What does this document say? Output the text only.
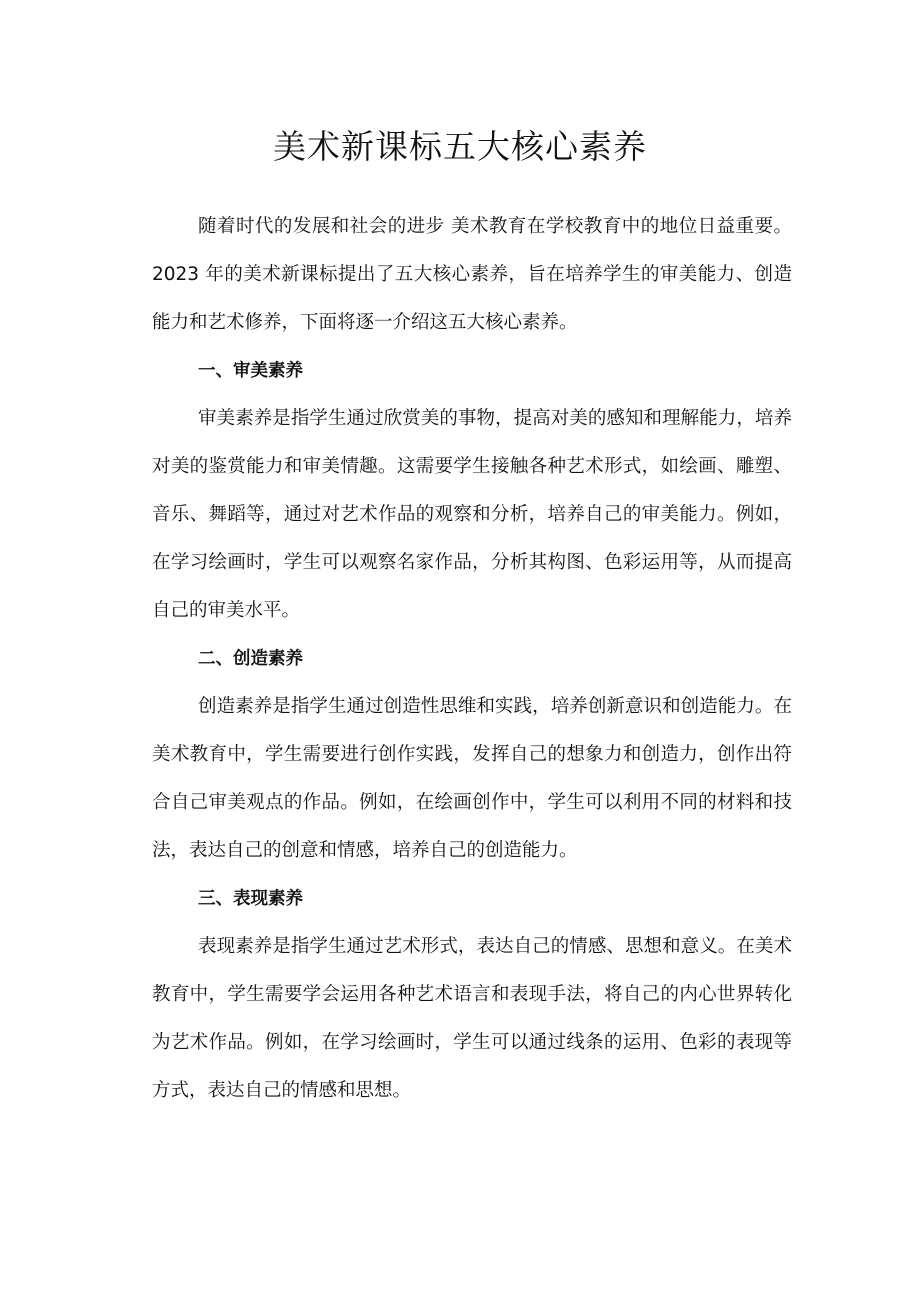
美术新课标五大核心素养

随着时代的发展和社会的进步 美术教育在学校教育中的地位日益重要。2023 年的美术新课标提出了五大核心素养，旨在培养学生的审美能力、创造能力和艺术修养，下面将逐一介绍这五大核心素养。

一、审美素养

审美素养是指学生通过欣赏美的事物，提高对美的感知和理解能力，培养对美的鉴赏能力和审美情趣。这需要学生接触各种艺术形式，如绘画、雕塑、音乐、舞蹈等，通过对艺术作品的观察和分析，培养自己的审美能力。例如，在学习绘画时，学生可以观察名家作品，分析其构图、色彩运用等，从而提高自己的审美水平。

二、创造素养

创造素养是指学生通过创造性思维和实践，培养创新意识和创造能力。在美术教育中，学生需要进行创作实践，发挥自己的想象力和创造力，创作出符合自己审美观点的作品。例如，在绘画创作中，学生可以利用不同的材料和技法，表达自己的创意和情感，培养自己的创造能力。

三、表现素养

表现素养是指学生通过艺术形式，表达自己的情感、思想和意义。在美术教育中，学生需要学会运用各种艺术语言和表现手法，将自己的内心世界转化为艺术作品。例如，在学习绘画时，学生可以通过线条的运用、色彩的表现等方式，表达自己的情感和思想。
